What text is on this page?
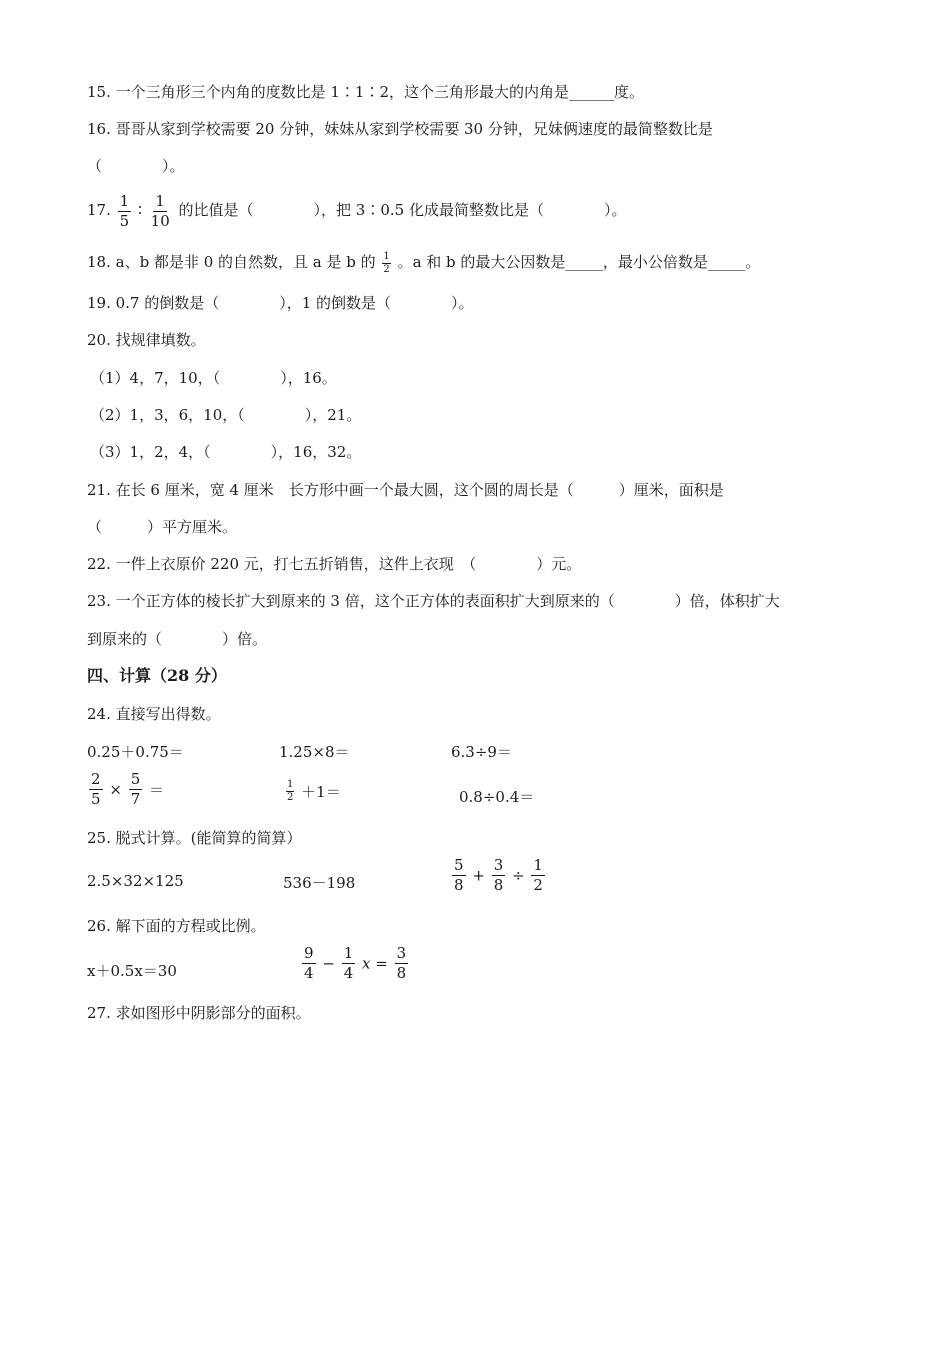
15. 一个三角形三个内角的度数比是 1∶1∶2，这个三角形最大的内角是______度。
16. 哥哥从家到学校需要 20 分钟，妹妹从家到学校需要 30 分钟，兄妹俩速度的最简整数比是
（　　　　）。
17. $\frac{1}{5}$ ∶ $\frac{1}{10}$ 的比值是（　　　　），把 3∶0.5 化成最简整数比是（　　　　）。
18. a、b 都是非 0 的自然数，且 a 是 b 的 $\frac{1}{2}$ 。a 和 b 的最大公因数是_____，最小公倍数是_____。
19. 0.7 的倒数是（　　　　），1 的倒数是（　　　　）。
20. 找规律填数。
（1）4，7，10，（　　　　），16。
（2）1，3，6，10，（　　　　），21。
（3）1，2，4，（　　　　），16，32。
21. 在长 6 厘米，宽 4 厘米　长方形中画一个最大圆，这个圆的周长是（　　　）厘米，面积是
（　　　）平方厘米。
22. 一件上衣原价 220 元，打七五折销售，这件上衣现　（　　　　）元。
23. 一个正方体的棱长扩大到原来的 3 倍，这个正方体的表面积扩大到原来的（　　　　）倍，体积扩大
到原来的（　　　　）倍。
四、计算（28 分）
24. 直接写出得数。
0.25＋0.75＝	1.25×8＝	6.3÷9＝
$\frac{2}{5} \times \frac{5}{7}$ ＝	$\frac{1}{2} +1=$	0.8÷0.4＝
25. 脱式计算。(能简算的简算）
2.5×32×125	536－198	$\frac{5}{8} + \frac{3}{8} \div \frac{1}{2}$
26. 解下面的方程或比例。
x＋0.5x＝30	$\frac{9}{4} - \frac{1}{4}$ $x = \frac{3}{8}$
27. 求如图形中阴影部分的面积。
